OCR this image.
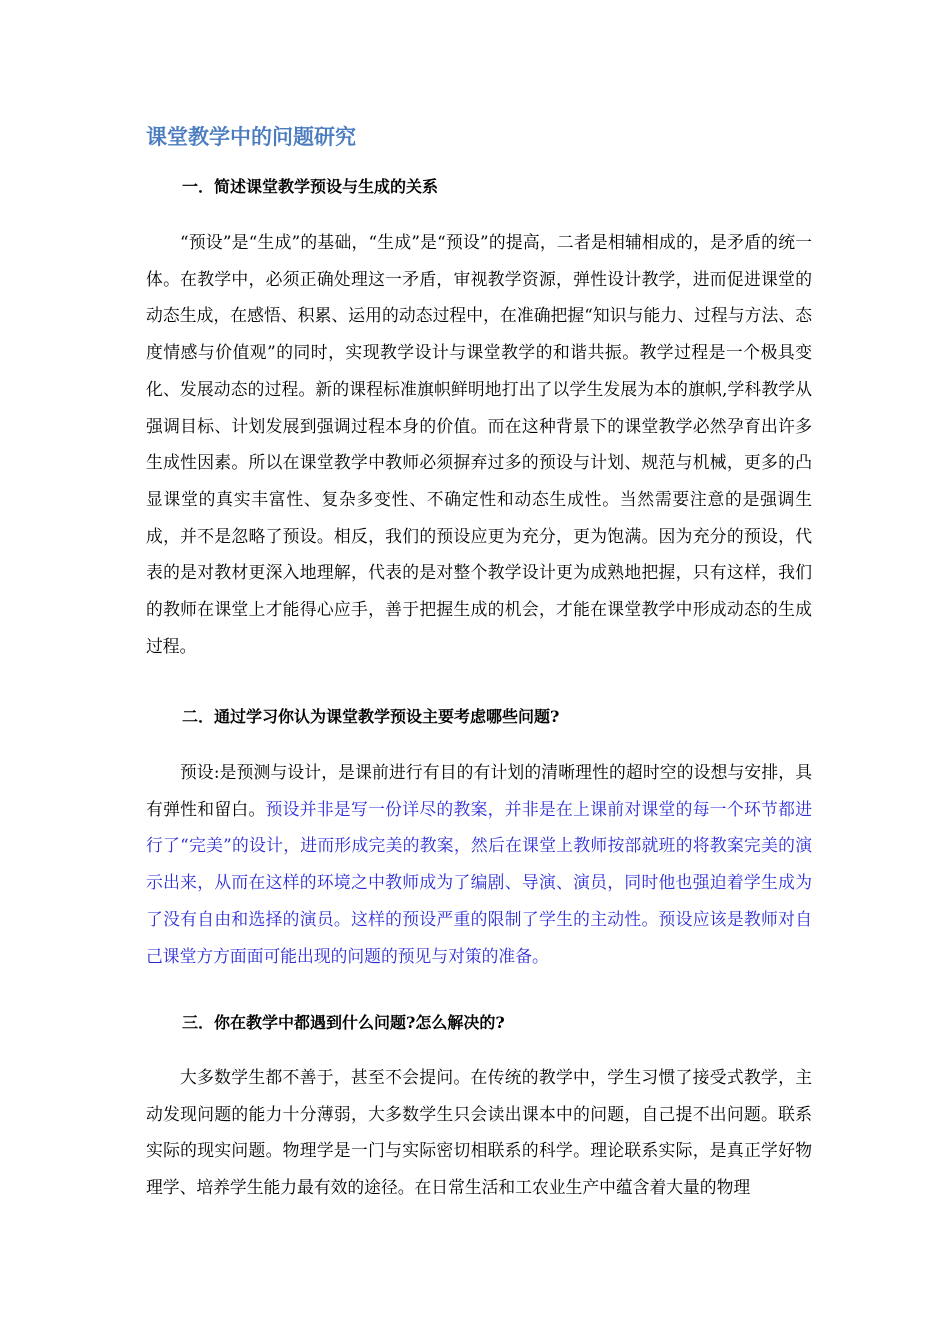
课堂教学中的问题研究
一．简述课堂教学预设与生成的关系

　　“预设”是“生成”的基础，“生成”是“预设”的提高，二者是相辅相成的，是矛盾的统一体。在教学中，必须正确处理这一矛盾，审视教学资源，弹性设计教学，进而促进课堂的动态生成，在感悟、积累、运用的动态过程中，在准确把握“知识与能力、过程与方法、态度情感与价值观”的同时，实现教学设计与课堂教学的和谐共振。教学过程是一个极具变化、发展动态的过程。新的课程标准旗帜鲜明地打出了以学生发展为本的旗帜,学科教学从强调目标、计划发展到强调过程本身的价值。而在这种背景下的课堂教学必然孕育出许多生成性因素。所以在课堂教学中教师必须摒弃过多的预设与计划、规范与机械，更多的凸显课堂的真实丰富性、复杂多变性、不确定性和动态生成性。当然需要注意的是强调生成，并不是忽略了预设。相反，我们的预设应更为充分，更为饱满。因为充分的预设，代表的是对教材更深入地理解，代表的是对整个教学设计更为成熟地把握，只有这样，我们的教师在课堂上才能得心应手，善于把握生成的机会，才能在课堂教学中形成动态的生成过程。

二．通过学习你认为课堂教学预设主要考虑哪些问题?

预设:是预测与设计，是课前进行有目的有计划的清晰理性的超时空的设想与安排，具有弹性和留白。预设并非是写一份详尽的教案，并非是在上课前对课堂的每一个环节都进行了“完美”的设计，进而形成完美的教案，然后在课堂上教师按部就班的将教案完美的演示出来，从而在这样的环境之中教师成为了编剧、导演、演员，同时他也强迫着学生成为了没有自由和选择的演员。这样的预设严重的限制了学生的主动性。预设应该是教师对自己课堂方方面面可能出现的问题的预见与对策的准备。

三．你在教学中都遇到什么问题?怎么解决的?

大多数学生都不善于，甚至不会提问。在传统的教学中，学生习惯了接受式教学，主动发现问题的能力十分薄弱，大多数学生只会读出课本中的问题，自己提不出问题。联系实际的现实问题。物理学是一门与实际密切相联系的科学。理论联系实际，是真正学好物理学、培养学生能力最有效的途径。在日常生活和工农业生产中蕴含着大量的物理
